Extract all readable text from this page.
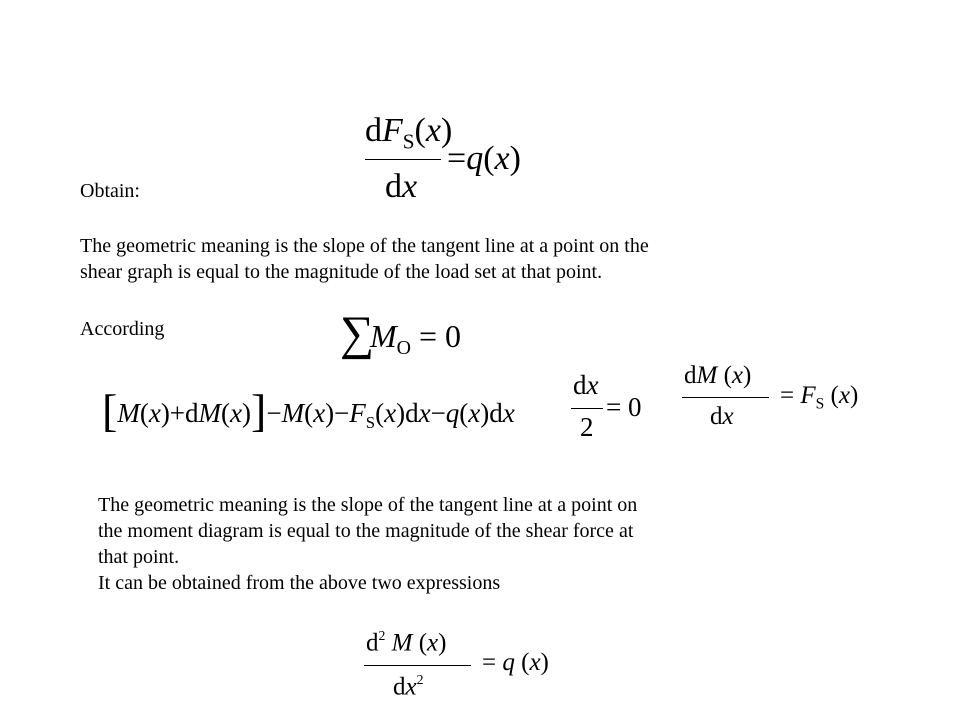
$dF_S(x)$
dx
=q(x)
Obtain:
The geometric meaning is the slope of the tangent line at a point on the
shear graph is equal to the magnitude of the load set at that point.
According	∑
$M_O = 0$
$[M(x)+dM(x)]-M(x)-F_S(x)dx-q(x)dx$
dx
2
= 0
dM (x)
dx
= $F_S$ (x)
The geometric meaning is the slope of the tangent line at a point on
the moment diagram is equal to the magnitude of the shear force at
that point.
It can be obtained from the above two expressions
$d^2$ M (x)
$dx^2$
= q (x)
